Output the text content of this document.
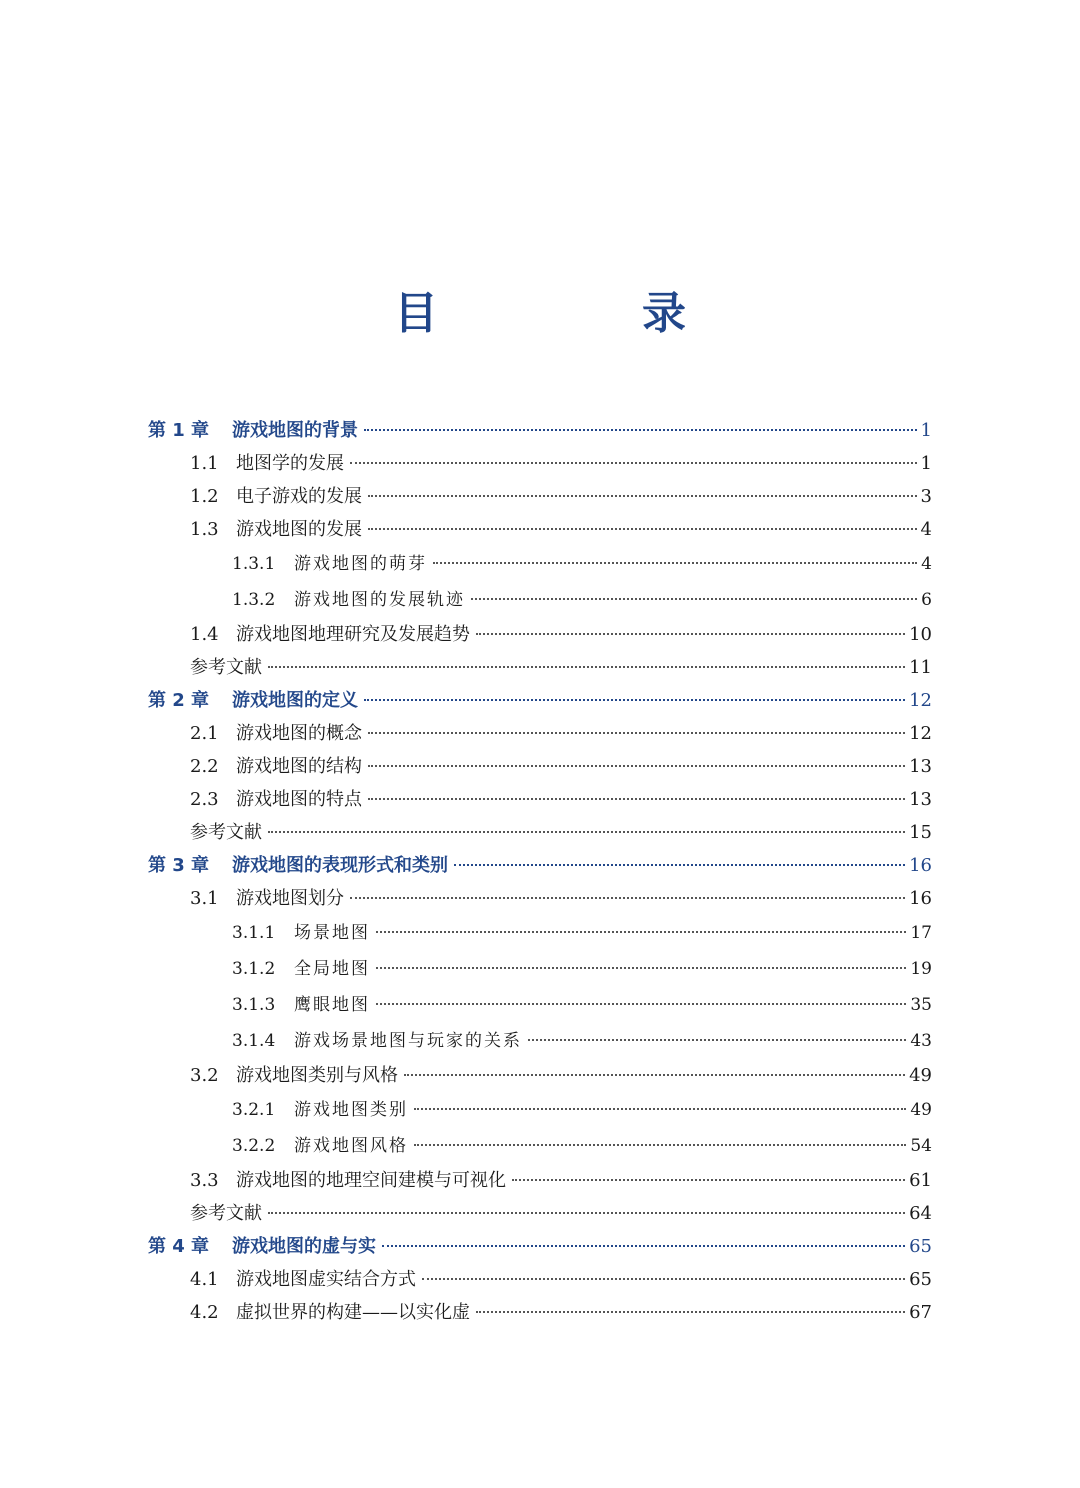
目　录
第 1 章	游戏地图的背景	1
1.1 地图学的发展	1
1.2 电子游戏的发展	3
1.3 游戏地图的发展	4
1.3.1	游戏地图的萌芽	4
1.3.2	游戏地图的发展轨迹	6
1.4 游戏地图地理研究及发展趋势	10
参考文献	11
第 2 章	游戏地图的定义	12
2.1 游戏地图的概念	12
2.2 游戏地图的结构	13
2.3 游戏地图的特点	13
参考文献	15
第 3 章	游戏地图的表现形式和类别	16
3.1 游戏地图划分	16
3.1.1	场景地图	17
3.1.2	全局地图	19
3.1.3	鹰眼地图	35
3.1.4	游戏场景地图与玩家的关系	43
3.2 游戏地图类别与风格	49
3.2.1	游戏地图类别	49
3.2.2	游戏地图风格	54
3.3 游戏地图的地理空间建模与可视化	61
参考文献	64
第 4 章	游戏地图的虚与实	65
4.1 游戏地图虚实结合方式	65
4.2 虚拟世界的构建——以实化虚	67
